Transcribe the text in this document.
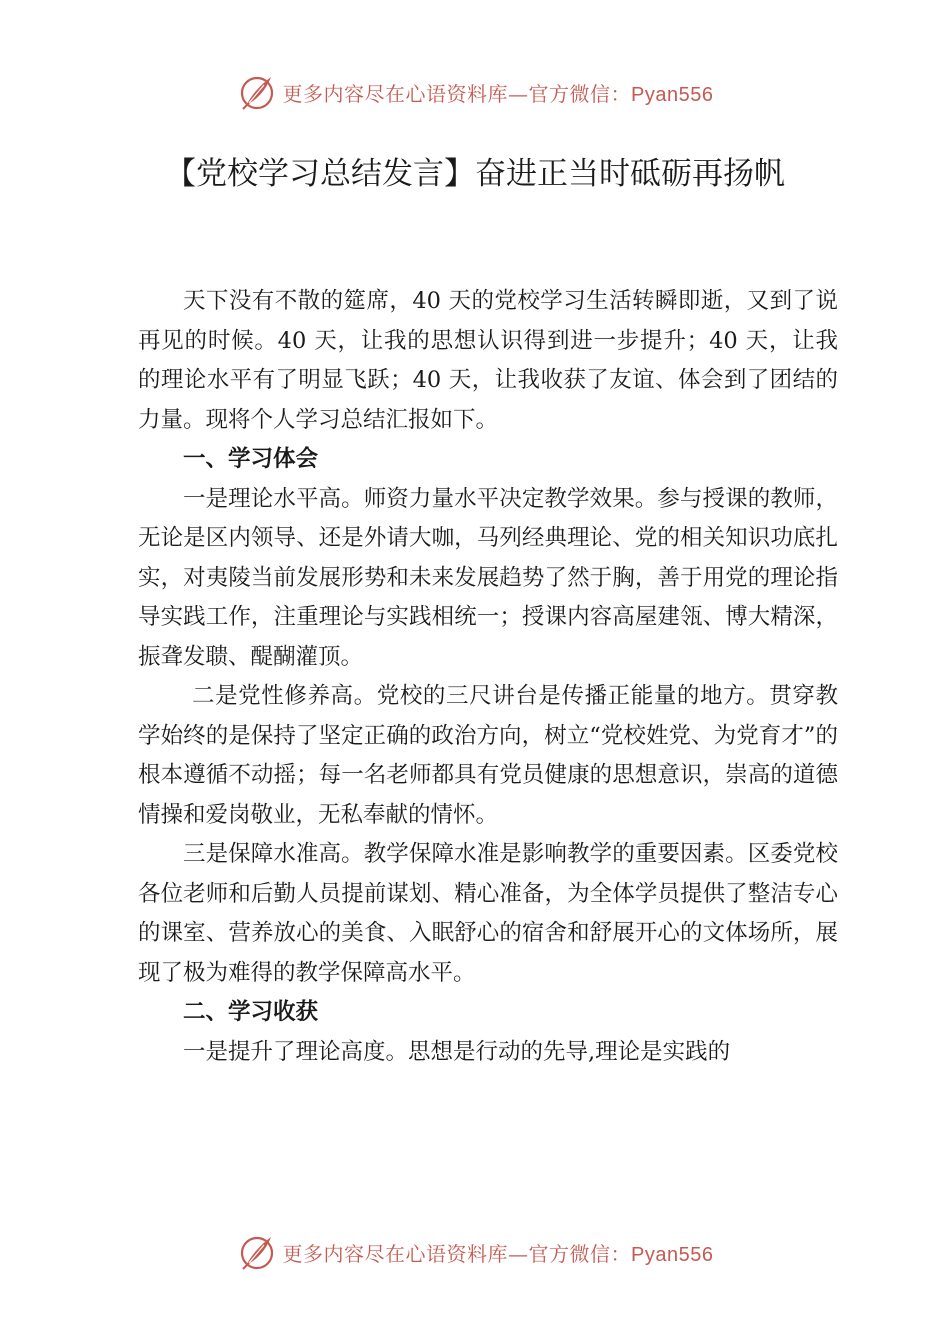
更多内容尽在心语资料库—官方微信：Pyan556
【党校学习总结发言】奋进正当时砥砺再扬帆

天下没有不散的筵席，40 天的党校学习生活转瞬即逝，又到了说再见的时候。40 天，让我的思想认识得到进一步提升；40 天，让我的理论水平有了明显飞跃；40 天，让我收获了友谊、体会到了团结的力量。现将个人学习总结汇报如下。

一、学习体会

一是理论水平高。师资力量水平决定教学效果。参与授课的教师，无论是区内领导、还是外请大咖，马列经典理论、党的相关知识功底扎实，对夷陵当前发展形势和未来发展趋势了然于胸，善于用党的理论指导实践工作，注重理论与实践相统一；授课内容高屋建瓴、博大精深，振聋发聩、醍醐灌顶。

二是党性修养高。党校的三尺讲台是传播正能量的地方。贯穿教学始终的是保持了坚定正确的政治方向，树立“党校姓党、为党育才”的根本遵循不动摇；每一名老师都具有党员健康的思想意识，崇高的道德情操和爱岗敬业，无私奉献的情怀。

三是保障水准高。教学保障水准是影响教学的重要因素。区委党校各位老师和后勤人员提前谋划、精心准备，为全体学员提供了整洁专心的课室、营养放心的美食、入眠舒心的宿舍和舒展开心的文体场所，展现了极为难得的教学保障高水平。

二、学习收获

一是提升了理论高度。思想是行动的先导,理论是实践的

更多内容尽在心语资料库—官方微信：Pyan556
